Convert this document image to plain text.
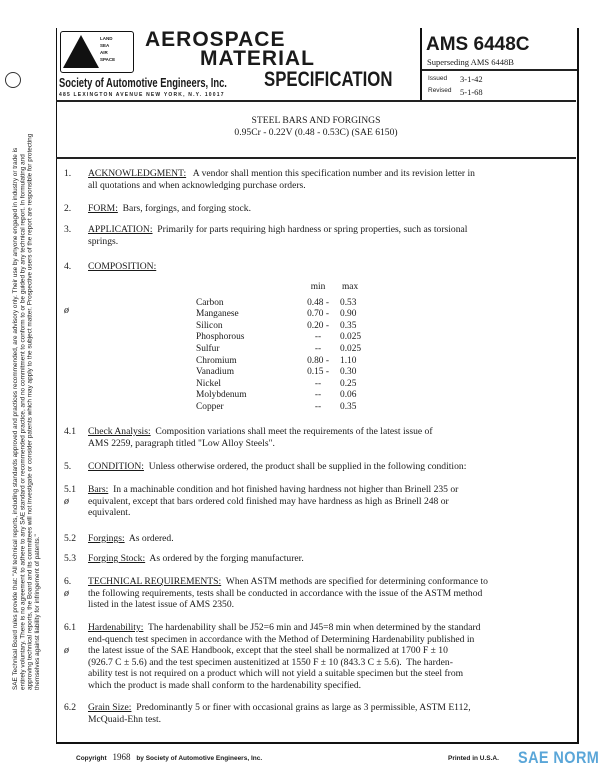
SAE Technical Board rules provide that: "All technical reports, including standards approved and practices recommended, are advisory only. Their use by anyone engaged in industry or trade is entirely voluntary. There is no agreement to adhere to any SAE standard or recommended practice, and no commitment to conform to or be guided by any technical report. In formulating and approving technical reports, the Board and its committees will not investigate or consider patents which may apply to the subject matter. Prospective users of the report are responsible for protecting themselves against liability for infringement of patents."
LAND
SEA
AIR
SPACE
AEROSPACE
MATERIAL
SPECIFICATION
Society of Automotive Engineers, Inc.
485 LEXINGTON AVENUE NEW YORK, N.Y. 10017
AMS 6448C
Superseding AMS 6448B
Issued 3-1-42
Revised 5-1-68
STEEL BARS AND FORGINGS
0.95Cr - 0.22V (0.48 - 0.53C) (SAE 6150)
1. ACKNOWLEDGMENT:   A vendor shall mention this specification number and its revision letter in
all quotations and when acknowledging purchase orders.
2. FORM:  Bars, forgings, and forging stock.
3. APPLICATION:  Primarily for parts requiring high hardness or spring properties, such as torsional
springs.
4. COMPOSITION:
ø
	min	max

Carbon	0.48 -	0.53
Manganese	0.70 -	0.90
Silicon	0.20 -	0.35
Phosphorous	--	0.025
Sulfur	--	0.025
Chromium	0.80 -	1.10
Vanadium	0.15 -	0.30
Nickel	--	0.25
Molybdenum	--	0.06
Copper	--	0.35
4.1 Check Analysis:  Composition variations shall meet the requirements of the latest issue of
AMS 2259, paragraph titled "Low Alloy Steels".
5. CONDITION:  Unless otherwise ordered, the product shall be supplied in the following condition:
5.1
ø
Bars:  In a machinable condition and hot finished having hardness not higher than Brinell 235 or
equivalent, except that bars ordered cold finished may have hardness as high as Brinell 248 or
equivalent.
5.2 Forgings:  As ordered.
5.3 Forging Stock:  As ordered by the forging manufacturer.
6.
ø
TECHNICAL REQUIREMENTS:  When ASTM methods are specified for determining conformance to
the following requirements, tests shall be conducted in accordance with the issue of the ASTM method
listed in the latest issue of AMS 2350.
6.1
ø
Hardenability:  The hardenability shall be J52=6 min and J45=8 min when determined by the standard
end-quench test specimen in accordance with the Method of Determining Hardenability published in
the latest issue of the SAE Handbook, except that the steel shall be normalized at 1700 F ± 10
(926.7 C ± 5.6) and the test specimen austenitized at 1550 F ± 10 (843.3 C ± 5.6).  The harden-
ability test is not required on a product which will not yield a suitable specimen but the steel from
which the product is made shall conform to the hardenability specified.
6.2 Grain Size:  Predominantly 5 or finer with occasional grains as large as 3 permissible, ASTM E112,
McQuaid-Ehn test.
Copyright 1968 by Society of Automotive Engineers, Inc.	Printed in U.S.A. SAE NORM
